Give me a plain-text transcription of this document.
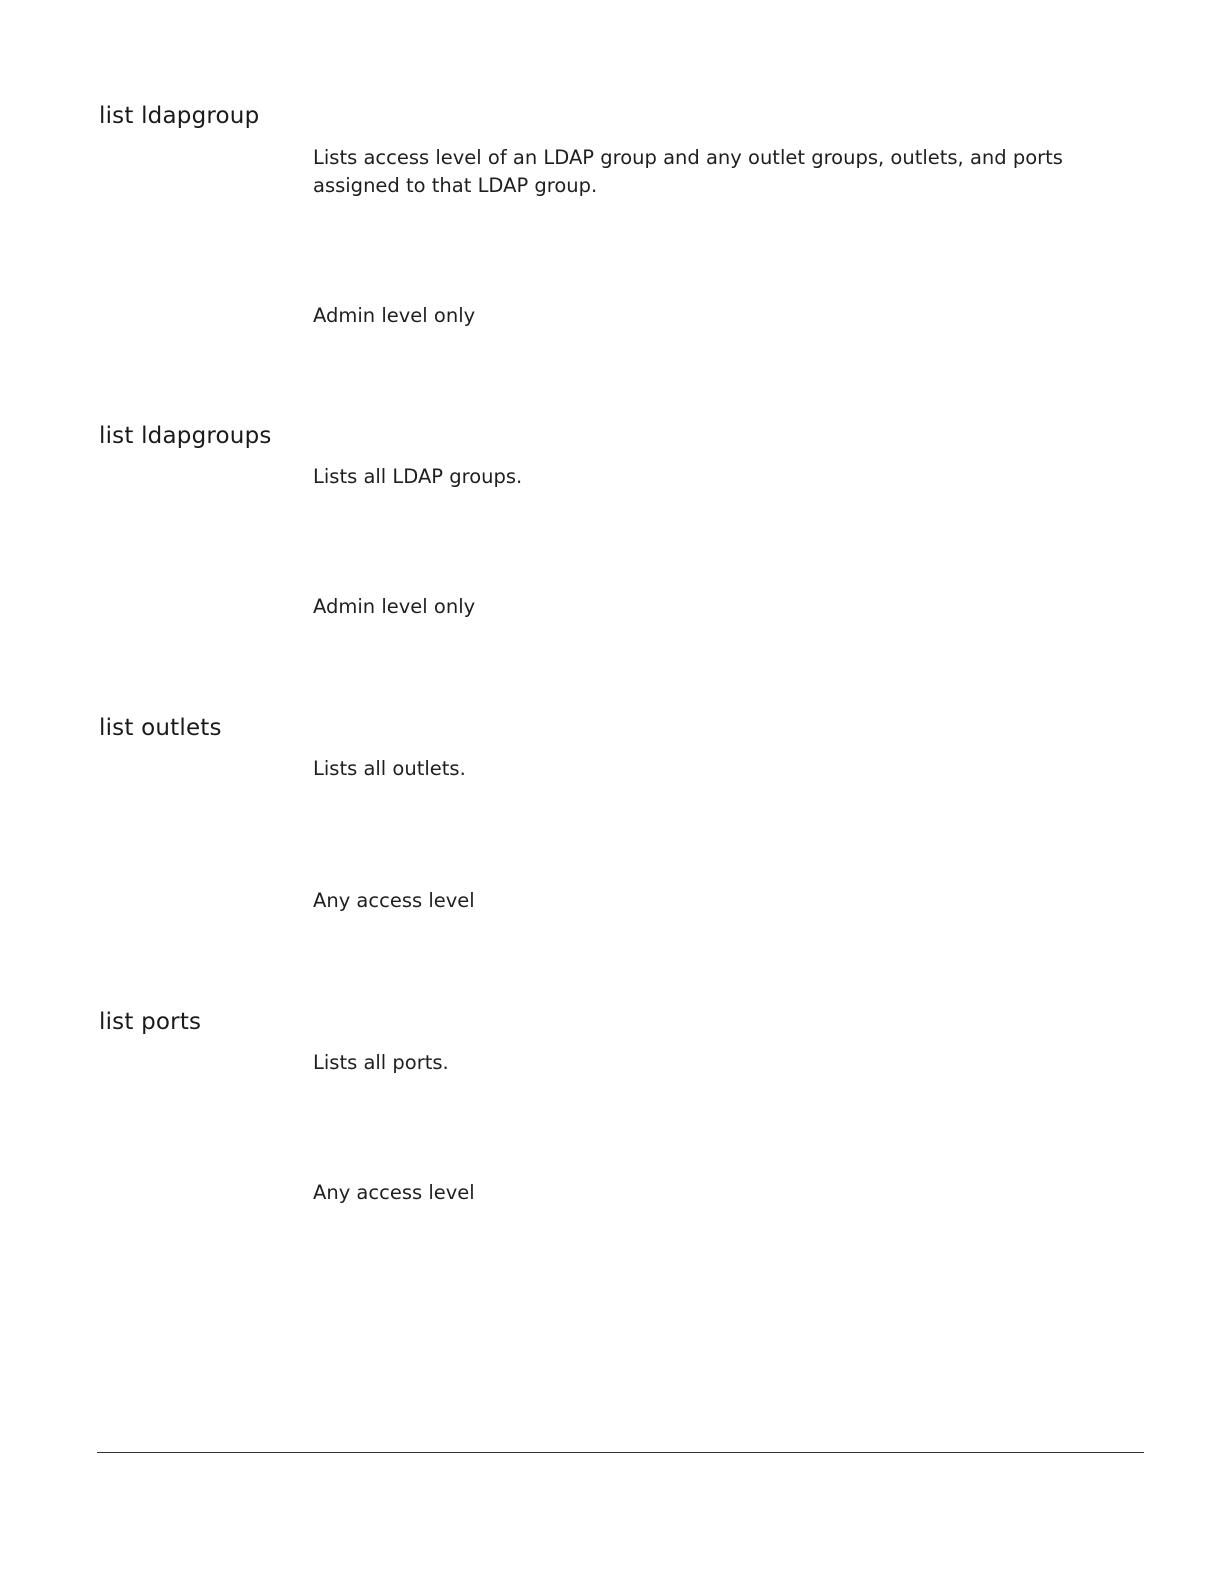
list ldapgroup

Lists access level of an LDAP group and any outlet groups, outlets, and ports assigned to that LDAP group.

Admin level only

list ldapgroups

Lists all LDAP groups.

Admin level only

list outlets

Lists all outlets.

Any access level

list ports

Lists all ports.

Any access level
